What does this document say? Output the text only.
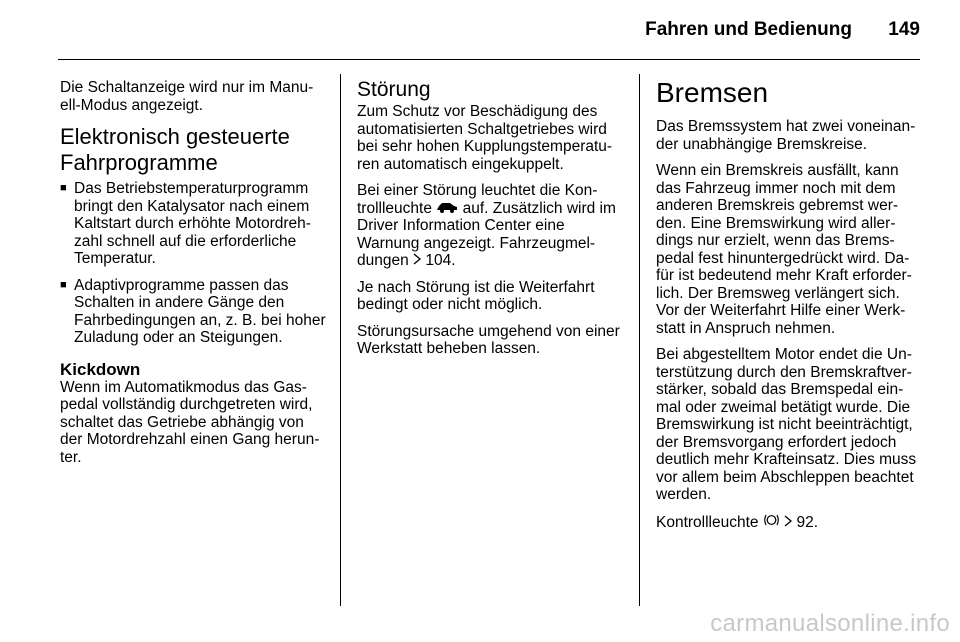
Fahren und Bedienung 149

Die Schaltanzeige wird nur im Manuell-Modus angezeigt.

Elektronisch gesteuerte Fahrprogramme
■ Das Betriebstemperaturprogramm bringt den Katalysator nach einem Kaltstart durch erhöhte Motordrehzahl schnell auf die erforderliche Temperatur.
■ Adaptivprogramme passen das Schalten in andere Gänge den Fahrbedingungen an, z. B. bei hoher Zuladung oder an Steigungen.
Kickdown

Wenn im Automatikmodus das Gaspedal vollständig durchgetreten wird, schaltet das Getriebe abhängig von der Motordrehzahl einen Gang herunter.

Störung

Zum Schutz vor Beschädigung des automatisierten Schaltgetriebes wird bei sehr hohen Kupplungstemperaturen automatisch eingekuppelt.

Bei einer Störung leuchtet die Kontrollleuchte auf. Zusätzlich wird im Driver Information Center eine Warnung angezeigt. Fahrzeugmeldungen 104.

Je nach Störung ist die Weiterfahrt bedingt oder nicht möglich.

Störungsursache umgehend von einer Werkstatt beheben lassen.

Bremsen

Das Bremssystem hat zwei voneinander unabhängige Bremskreise.

Wenn ein Bremskreis ausfällt, kann das Fahrzeug immer noch mit dem anderen Bremskreis gebremst werden. Eine Bremswirkung wird allerdings nur erzielt, wenn das Bremspedal fest hinuntergedrückt wird. Dafür ist bedeutend mehr Kraft erforderlich. Der Bremsweg verlängert sich. Vor der Weiterfahrt Hilfe einer Werkstatt in Anspruch nehmen.

Bei abgestelltem Motor endet die Unterstützung durch den Bremskraftverstärker, sobald das Bremspedal einmal oder zweimal betätigt wurde. Die Bremswirkung ist nicht beeinträchtigt, der Bremsvorgang erfordert jedoch deutlich mehr Krafteinsatz. Dies muss vor allem beim Abschleppen beachtet werden.

Kontrollleuchte 92.

carmanualsonline.info
